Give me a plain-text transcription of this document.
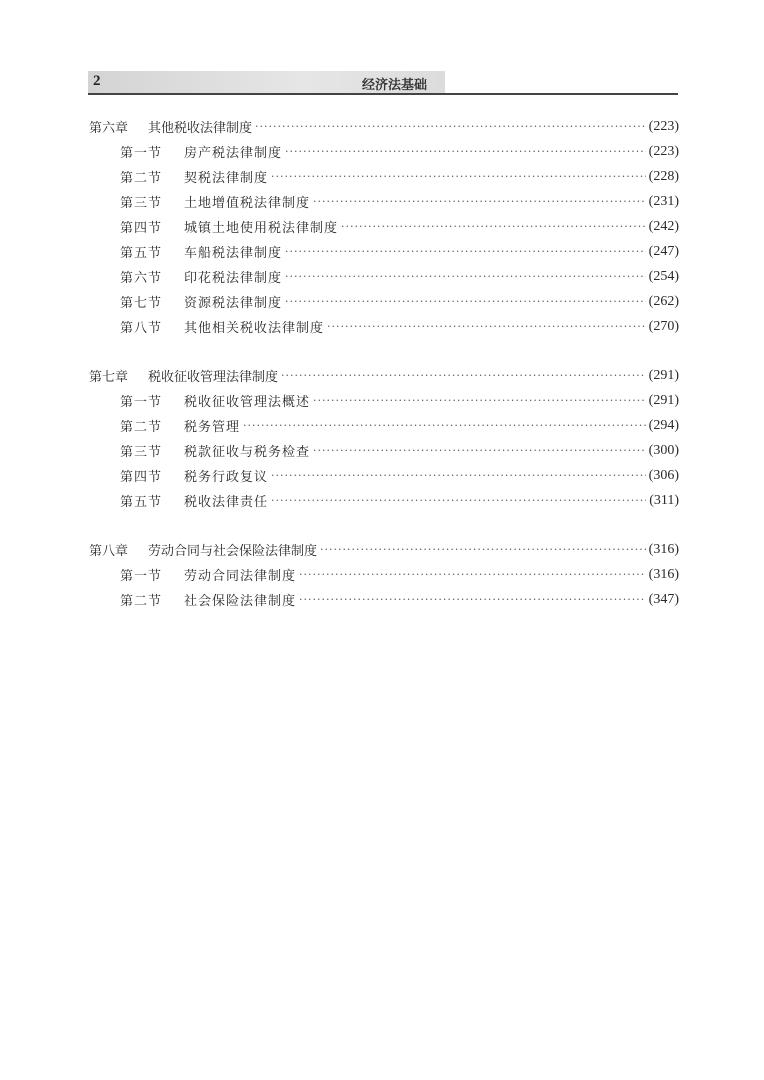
2	经济法基础
第六章	其他税收法律制度 ·····	(223)
第一节	房产税法律制度 ·····	(223)
第二节	契税法律制度 ·····	(228)
第三节	土地增值税法律制度 ·····	(231)
第四节	城镇土地使用税法律制度 ·····	(242)
第五节	车船税法律制度 ·····	(247)
第六节	印花税法律制度 ·····	(254)
第七节	资源税法律制度 ·····	(262)
第八节	其他相关税收法律制度 ·····	(270)
第七章	税收征收管理法律制度 ·····	(291)
第一节	税收征收管理法概述 ·····	(291)
第二节	税务管理 ·····	(294)
第三节	税款征收与税务检查 ·····	(300)
第四节	税务行政复议 ·····	(306)
第五节	税收法律责任 ·····	(311)
第八章	劳动合同与社会保险法律制度 ·····	(316)
第一节	劳动合同法律制度 ·····	(316)
第二节	社会保险法律制度 ·····	(347)
